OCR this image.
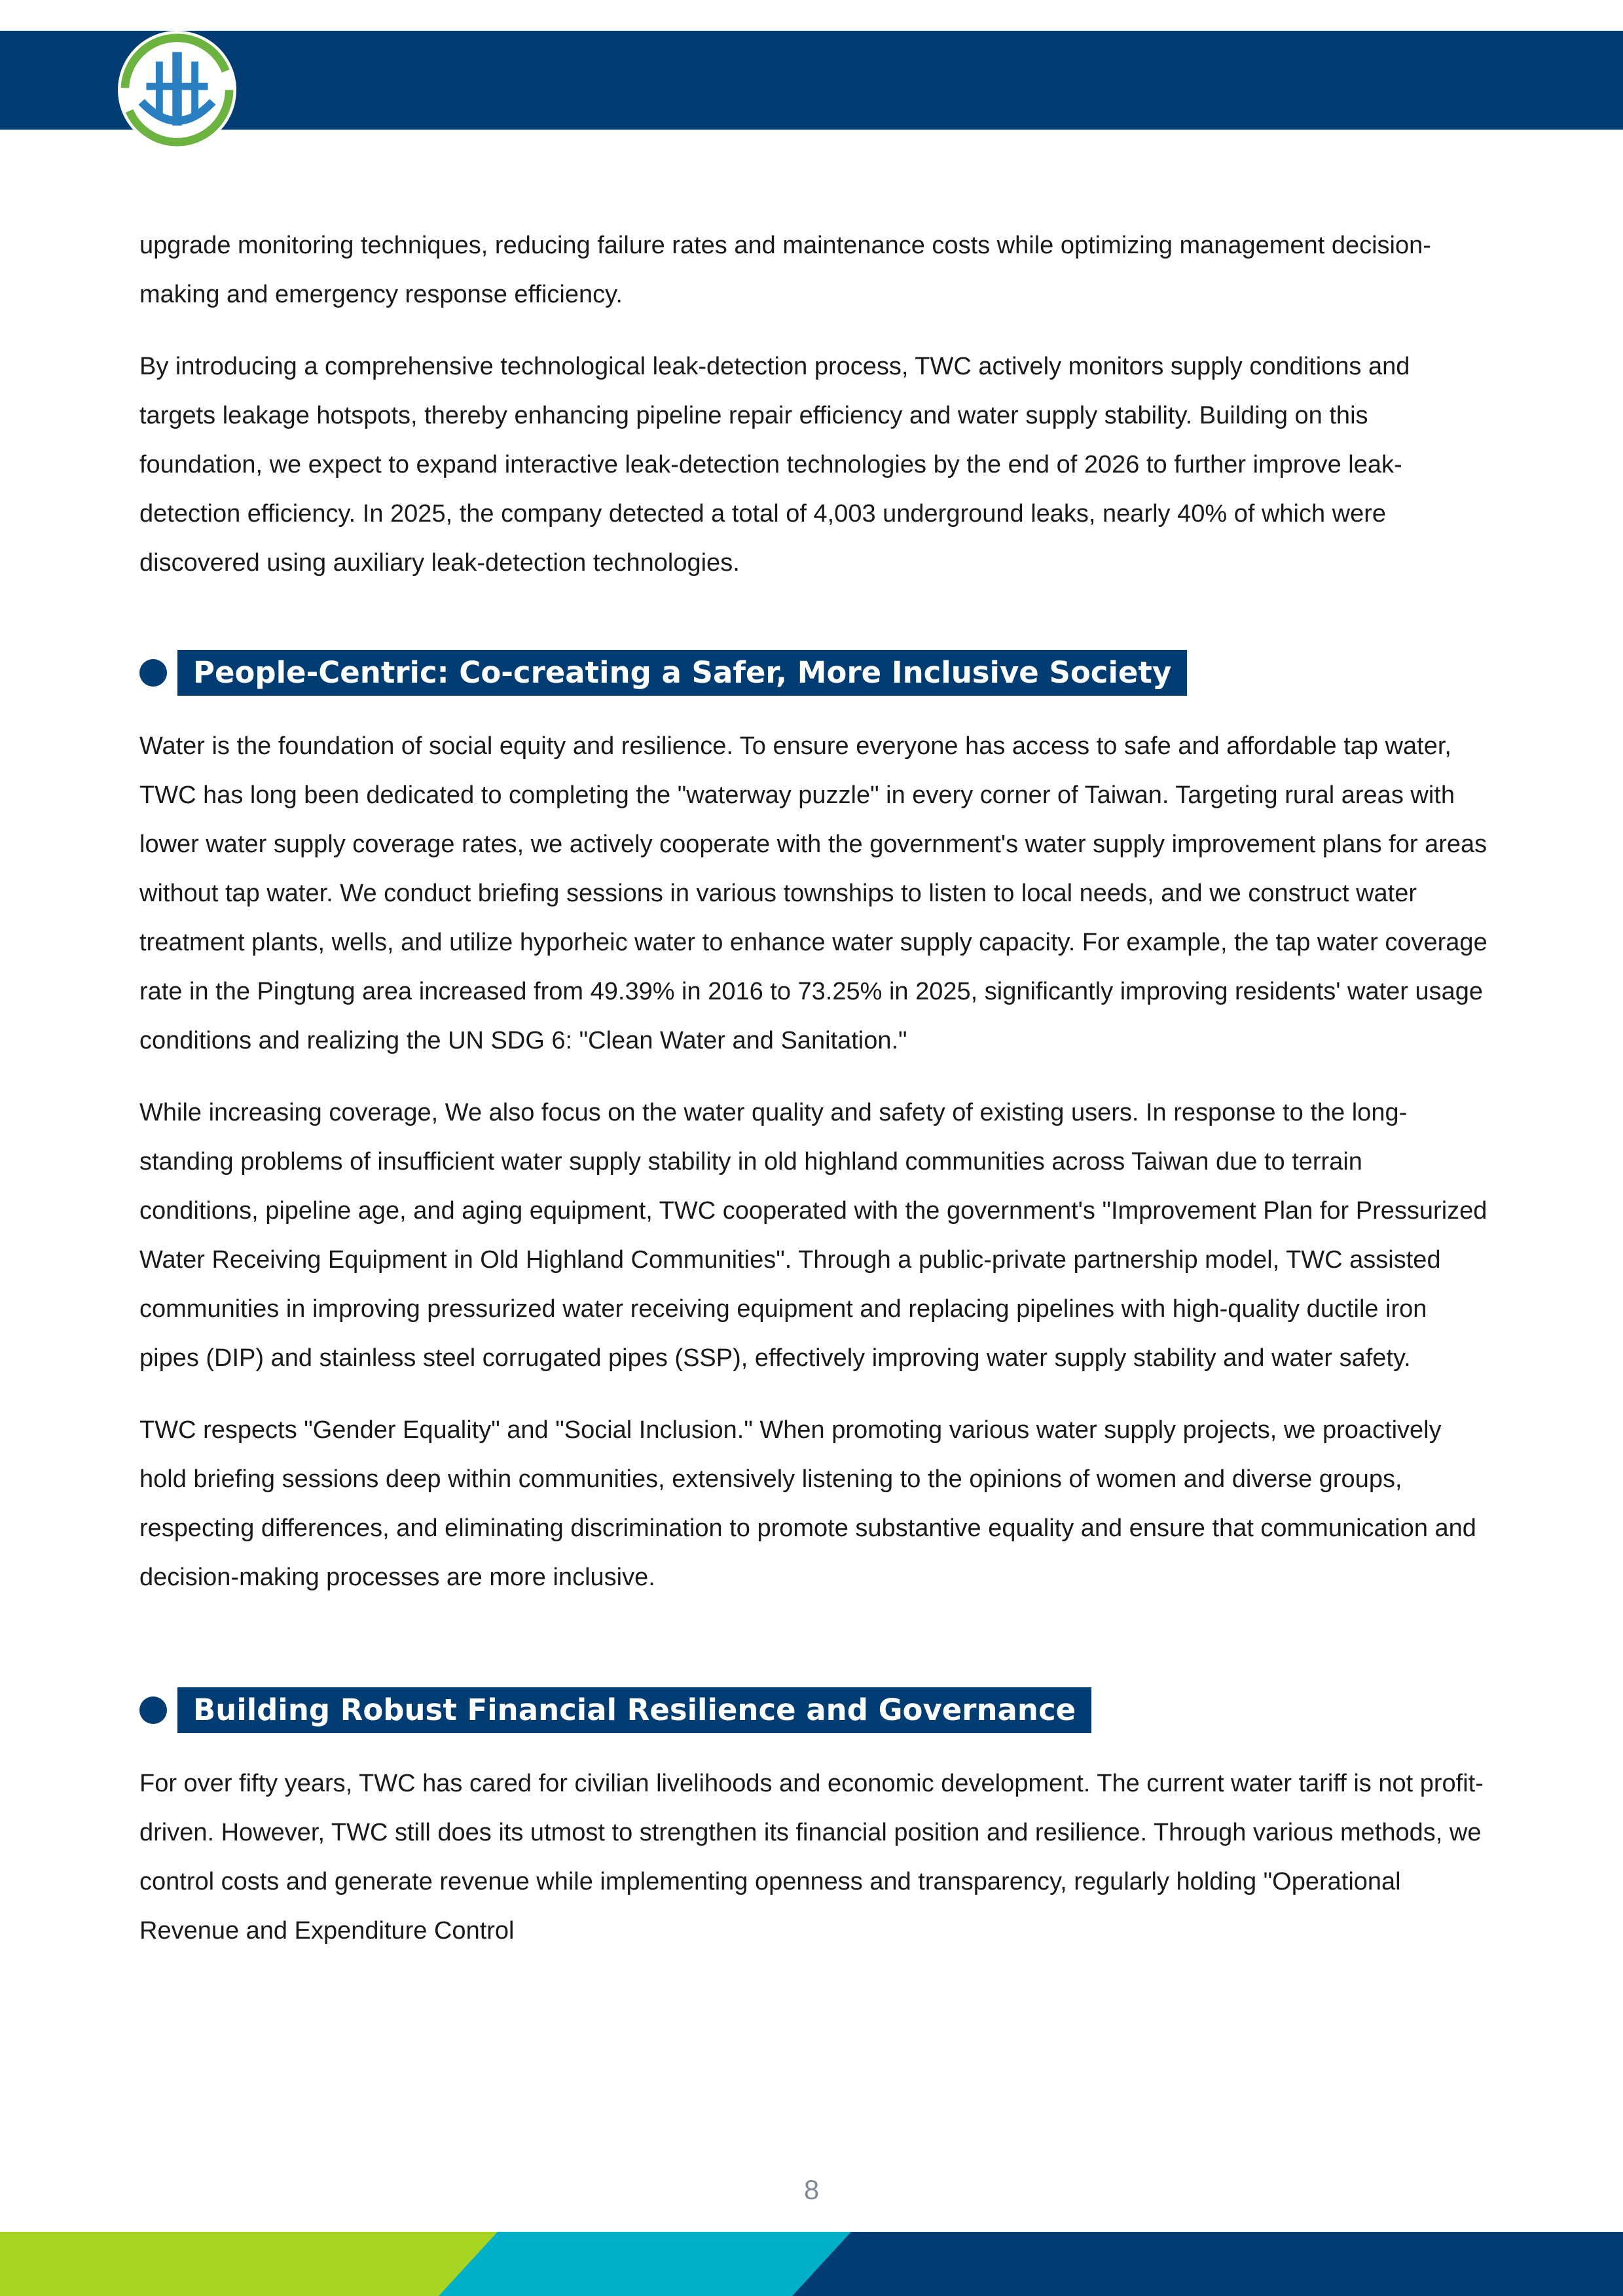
upgrade monitoring techniques, reducing failure rates and maintenance costs while optimizing management decision-making and emergency response efficiency.

By introducing a comprehensive technological leak-detection process, TWC actively monitors supply conditions and targets leakage hotspots, thereby enhancing pipeline repair efficiency and water supply stability. Building on this foundation, we expect to expand interactive leak-detection technologies by the end of 2026 to further improve leak-detection efficiency. In 2025, the company detected a total of 4,003 underground leaks, nearly 40% of which were discovered using auxiliary leak-detection technologies.

People-Centric: Co-creating a Safer, More Inclusive Society

Water is the foundation of social equity and resilience. To ensure everyone has access to safe and affordable tap water, TWC has long been dedicated to completing the "waterway puzzle" in every corner of Taiwan. Targeting rural areas with lower water supply coverage rates, we actively cooperate with the government's water supply improvement plans for areas without tap water. We conduct briefing sessions in various townships to listen to local needs, and we construct water treatment plants, wells, and utilize hyporheic water to enhance water supply capacity. For example, the tap water coverage rate in the Pingtung area increased from 49.39% in 2016 to 73.25% in 2025, significantly improving residents' water usage conditions and realizing the UN SDG 6: "Clean Water and Sanitation."

While increasing coverage, We also focus on the water quality and safety of existing users. In response to the long-standing problems of insufficient water supply stability in old highland communities across Taiwan due to terrain conditions, pipeline age, and aging equipment, TWC cooperated with the government's "Improvement Plan for Pressurized Water Receiving Equipment in Old Highland Communities". Through a public-private partnership model, TWC assisted communities in improving pressurized water receiving equipment and replacing pipelines with high-quality ductile iron pipes (DIP) and stainless steel corrugated pipes (SSP), effectively improving water supply stability and water safety.

TWC respects "Gender Equality" and "Social Inclusion." When promoting various water supply projects, we proactively hold briefing sessions deep within communities, extensively listening to the opinions of women and diverse groups, respecting differences, and eliminating discrimination to promote substantive equality and ensure that communication and decision-making processes are more inclusive.

Building Robust Financial Resilience and Governance

For over fifty years, TWC has cared for civilian livelihoods and economic development. The current water tariff is not profit-driven. However, TWC still does its utmost to strengthen its financial position and resilience. Through various methods, we control costs and generate revenue while implementing openness and transparency, regularly holding "Operational Revenue and Expenditure Control

8
